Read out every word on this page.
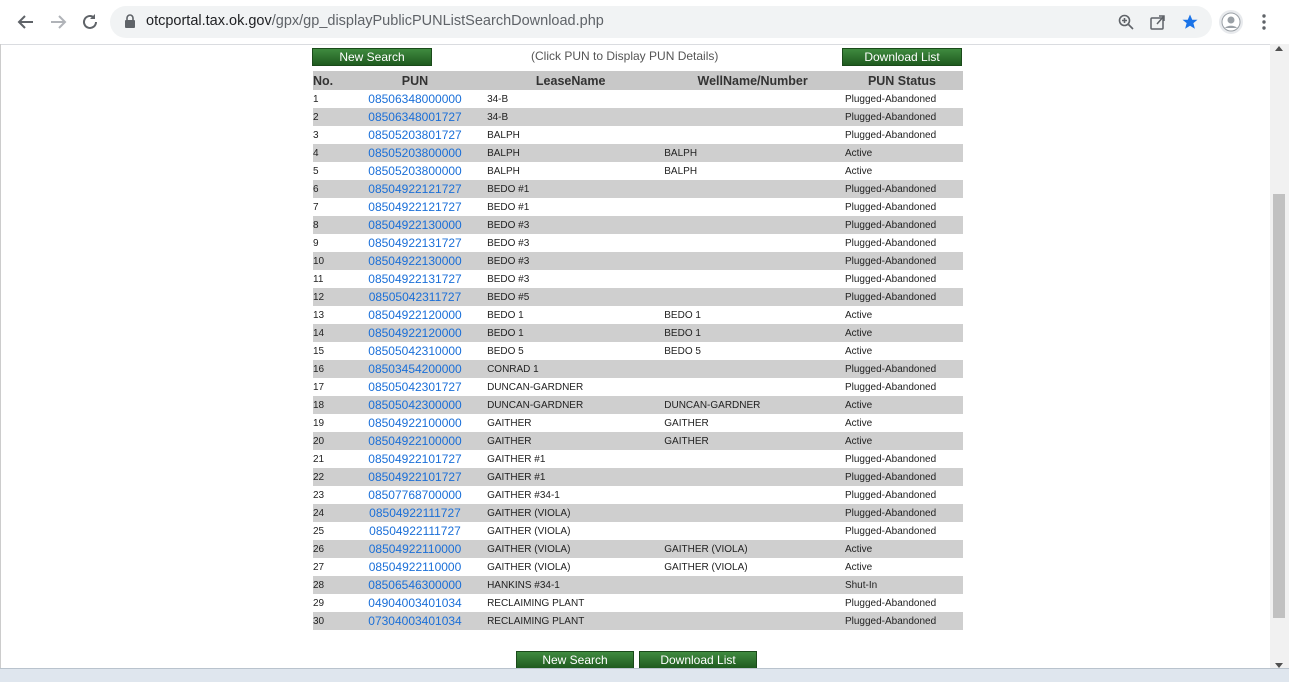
otcportal.tax.ok.gov/gpx/gp_displayPublicPUNListSearchDownload.php
New Search	(Click PUN to Display PUN Details)	Download List
No.	PUN	LeaseName	WellName/Number	PUN Status
1	08506348000000	34-B		Plugged-Abandoned
2	08506348001727	34-B		Plugged-Abandoned
3	08505203801727	BALPH		Plugged-Abandoned
4	08505203800000	BALPH	BALPH	Active
5	08505203800000	BALPH	BALPH	Active
6	08504922121727	BEDO #1		Plugged-Abandoned
7	08504922121727	BEDO #1		Plugged-Abandoned
8	08504922130000	BEDO #3		Plugged-Abandoned
9	08504922131727	BEDO #3		Plugged-Abandoned
10	08504922130000	BEDO #3		Plugged-Abandoned
11	08504922131727	BEDO #3		Plugged-Abandoned
12	08505042311727	BEDO #5		Plugged-Abandoned
13	08504922120000	BEDO 1	BEDO 1	Active
14	08504922120000	BEDO 1	BEDO 1	Active
15	08505042310000	BEDO 5	BEDO 5	Active
16	08503454200000	CONRAD 1		Plugged-Abandoned
17	08505042301727	DUNCAN-GARDNER		Plugged-Abandoned
18	08505042300000	DUNCAN-GARDNER	DUNCAN-GARDNER	Active
19	08504922100000	GAITHER	GAITHER	Active
20	08504922100000	GAITHER	GAITHER	Active
21	08504922101727	GAITHER #1		Plugged-Abandoned
22	08504922101727	GAITHER #1		Plugged-Abandoned
23	08507768700000	GAITHER #34-1		Plugged-Abandoned
24	08504922111727	GAITHER (VIOLA)		Plugged-Abandoned
25	08504922111727	GAITHER (VIOLA)		Plugged-Abandoned
26	08504922110000	GAITHER (VIOLA)	GAITHER (VIOLA)	Active
27	08504922110000	GAITHER (VIOLA)	GAITHER (VIOLA)	Active
28	08506546300000	HANKINS #34-1		Shut-In
29	04904003401034	RECLAIMING PLANT		Plugged-Abandoned
30	07304003401034	RECLAIMING PLANT		Plugged-Abandoned
New Search	Download List
